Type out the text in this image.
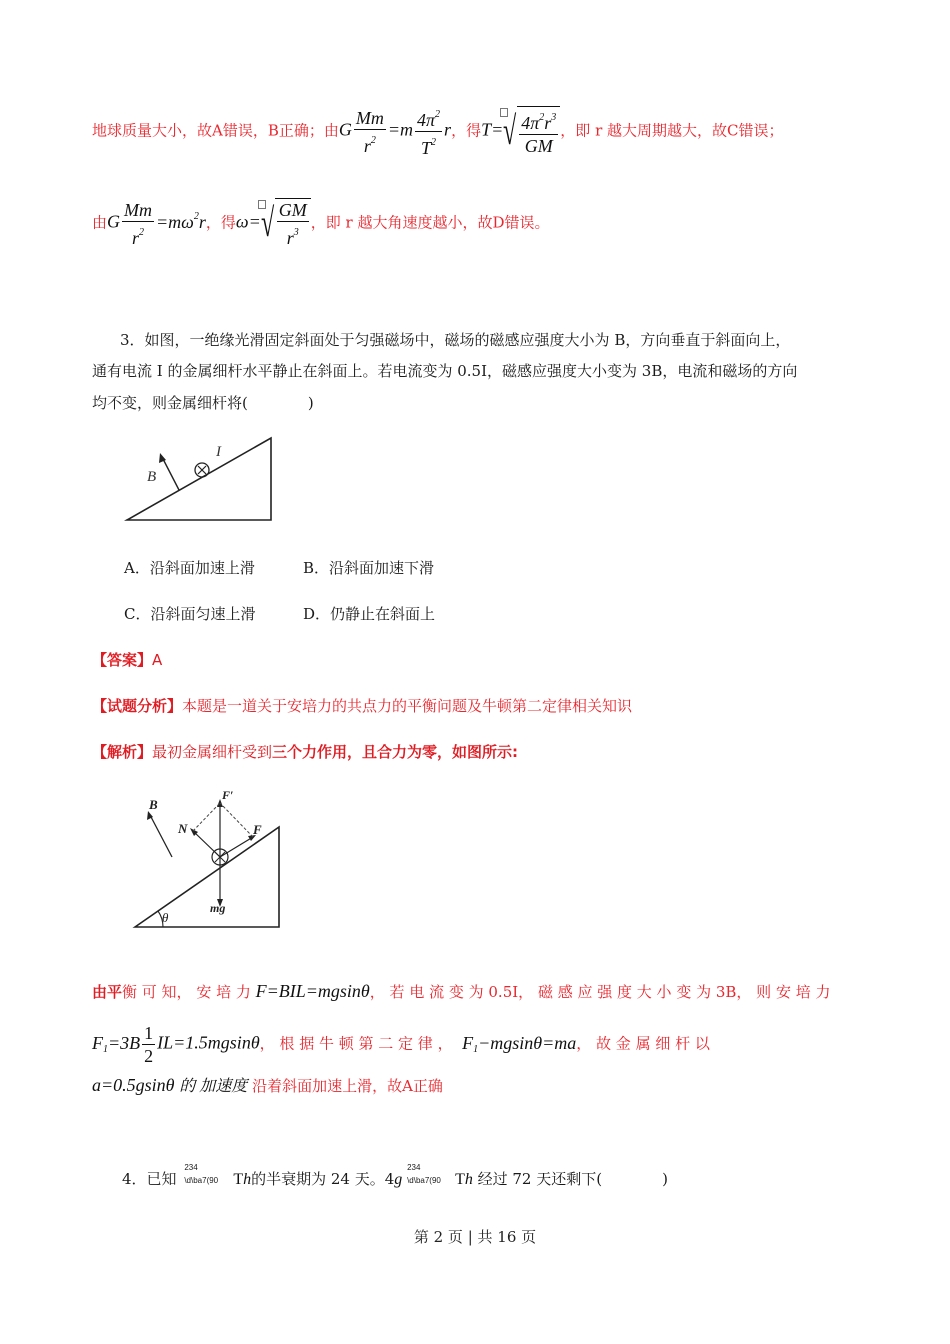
地球质量大小，故A错误，B正确；由G $\frac{Mm}{r^2} =m \frac{4\pi^2}{T^2}$ r，得T= √ $\frac{4\pi^2r^3}{GM}$ ，即 r 越大周期越大，故C错误；
由G $\frac{Mm}{r^2} =m\omega^2r$，得ω= √ $\frac{GM}{r^3}$ ，即 r 越大角速度越小，故D错误。
3．如图，一绝缘光滑固定斜面处于匀强磁场中，磁场的磁感应强度大小为 B，方向垂直于斜面向上，
通有电流 I 的金属细杆水平静止在斜面上。若电流变为 0.5I，磁感应强度大小变为 3B，电流和磁场的方向
均不变，则金属细杆将(　　　　)
B
I
A．沿斜面加速上滑	B．沿斜面加速下滑
C．沿斜面匀速上滑	D．仍静止在斜面上
【答案】A
【试题分析】本题是一道关于安培力的共点力的平衡问题及牛顿第二定律相关知识
【解析】最初金属细杆受到三个力作用，且合力为零，如图所示:
θ
B
F′
N	F
mg
由平衡 可 知， 安 培 力 F=BIL=mgsinθ， 若 电 流 变 为 0.5I， 磁 感 应 强 度 大 小 变 为 3B， 则 安 培 力
$F_1=3B \frac{1}{2} IL=1.5mgsin\theta$， 根 据 牛 顿 第 二 定 律 ， $F_1-mgsin\theta=ma$， 故 金 属 细 杆 以
a=0.5gsinθ 的 加速度 沿着斜面加速上滑，故A正确
4．已知
234
\d\ba7(90 Th的半衰期为 24 天。4g
234
\d\ba7(90 Th 经过 72 天还剩下(　　　　)
第 2 页 | 共 16 页
